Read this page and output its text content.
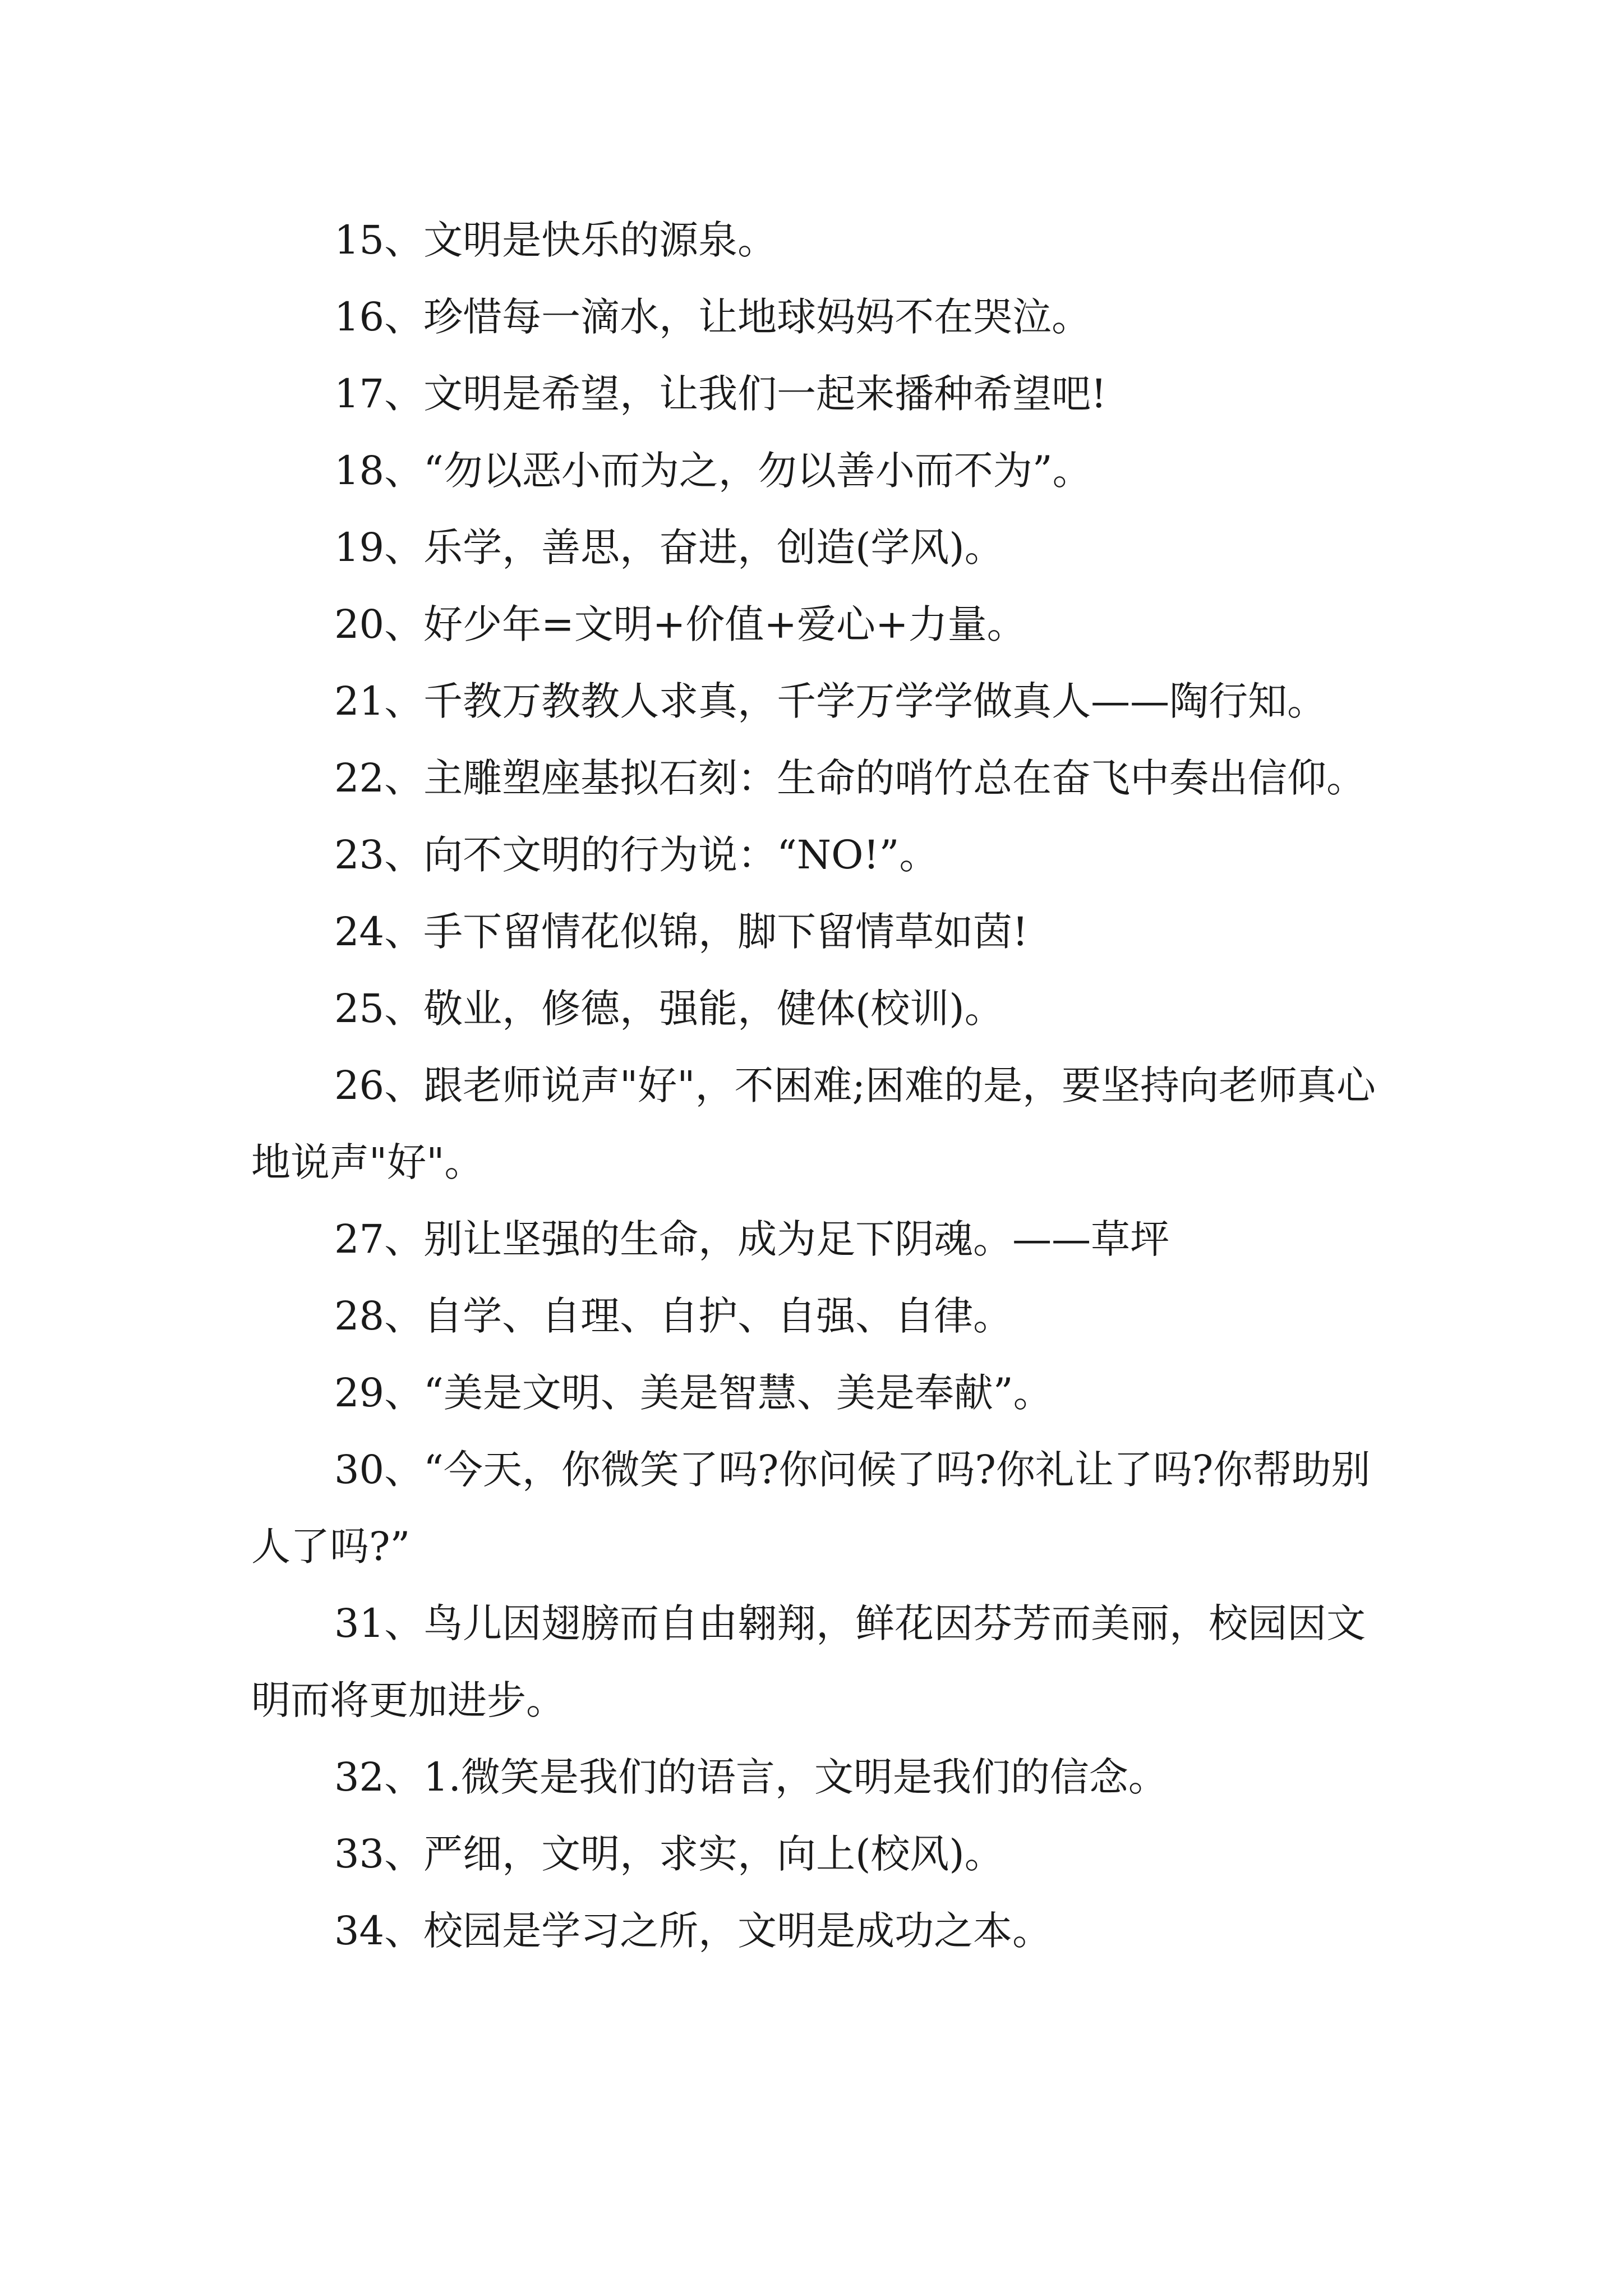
15、文明是快乐的源泉。

16、珍惜每一滴水，让地球妈妈不在哭泣。

17、文明是希望，让我们一起来播种希望吧!

18、“勿以恶小而为之，勿以善小而不为”。

19、乐学，善思，奋进，创造(学风)。

20、好少年=文明+价值+爱心+力量。

21、千教万教教人求真，千学万学学做真人——陶行知。

22、主雕塑座基拟石刻：生命的哨竹总在奋飞中奏出信仰。

23、向不文明的行为说：“NO!”。

24、手下留情花似锦，脚下留情草如茵!

25、敬业，修德，强能，健体(校训)。

26、跟老师说声"好"，不困难;困难的是，要坚持向老师真心地说声"好"。

27、别让坚强的生命，成为足下阴魂。——草坪

28、自学、自理、自护、自强、自律。

29、“美是文明、美是智慧、美是奉献”。

30、“今天，你微笑了吗?你问候了吗?你礼让了吗?你帮助别人了吗?”

31、鸟儿因翅膀而自由翱翔，鲜花因芬芳而美丽，校园因文明而将更加进步。

32、1.微笑是我们的语言，文明是我们的信念。

33、严细，文明，求实，向上(校风)。

34、校园是学习之所，文明是成功之本。
